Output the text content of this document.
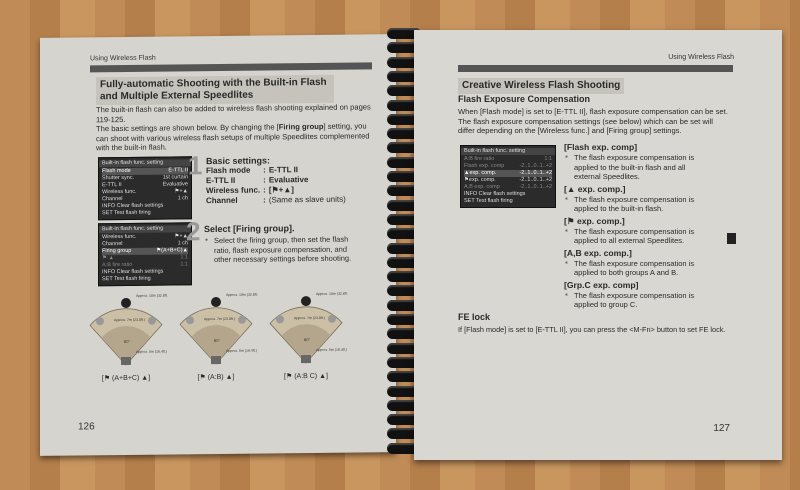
Using Wireless Flash
Fully-automatic Shooting with the Built-in Flash and Multiple External Speedlites
The built-in flash can also be added to wireless flash shooting explained on pages 119-125.
The basic settings are shown below. By changing the [Firing group] setting, you can shoot with various wireless flash setups of multiple Speedlites complemented with the built-in flash.
Built-in flash func. setting
Flash mode	E-TTL II
Shutter sync.	1st curtain
E-TTL II	Evaluative
Wireless func.	⚑+▲
Channel	1 ch
INFO Clear flash settings
SET Test flash firing
1 Basic settings:
Flash mode	:	E-TTL II
E-TTL II	:	Evaluative
Wireless func.	:	[⚑+▲]
Channel	:	(Same as slave units)
Built-in flash func. setting
Wireless func.	⚑+▲
Channel	1 ch
Firing group	⚑(A+B+C)▲
⚑:▲	1:1
A:B fire ratio	1:1
INFO Clear flash settings
SET Test flash firing
2 Select [Firing group].
● Select the firing group, then set the flash ratio, flash exposure compensation, and other necessary settings before shooting.
Approx. 10m (32.8ft.)
Approx. 7m (23.0ft.)
Approx. 5m (16.4ft.)
80°
[⚑ (A+B+C) ▲]
Approx. 10m (32.8ft.)
Approx. 7m (23.0ft.)
Approx. 5m (16.4ft.)
80°
[⚑ (A:B) ▲]
Approx. 10m (32.8ft.)
Approx. 7m (23.0ft.)
Approx. 5m (16.4ft.)
80°
[⚑ (A:B C) ▲]
126
Using Wireless Flash
Creative Wireless Flash Shooting
Flash Exposure Compensation
When [Flash mode] is set to [E-TTL II], flash exposure compensation can be set. The flash exposure compensation settings (see below) which can be set will differ depending on the [Wireless func.] and [Firing group] settings.
Built-in flash func. setting
A:B fire ratio	1:1
Flash exp. comp	-2..1..0..1..+2
▲exp. comp.	-2..1..0..1..+2
⚑exp. comp.	-2..1..0..1..+2
A,B exp. comp	-2..1..0..1..+2
INFO Clear flash settings
SET Test flash firing
[Flash exp. comp]
● The flash exposure compensation is applied to the built-in flash and all external Speedlites.
[▲ exp. comp.]
● The flash exposure compensation is applied to the built-in flash.
[⚑ exp. comp.]
● The flash exposure compensation is applied to all external Speedlites.
[A,B exp. comp.]
● The flash exposure compensation is applied to both groups A and B.
[Grp.C exp. comp]
● The flash exposure compensation is applied to group C.
FE lock
If [Flash mode] is set to [E-TTL II], you can press the <M-Fn> button to set FE lock.
127
